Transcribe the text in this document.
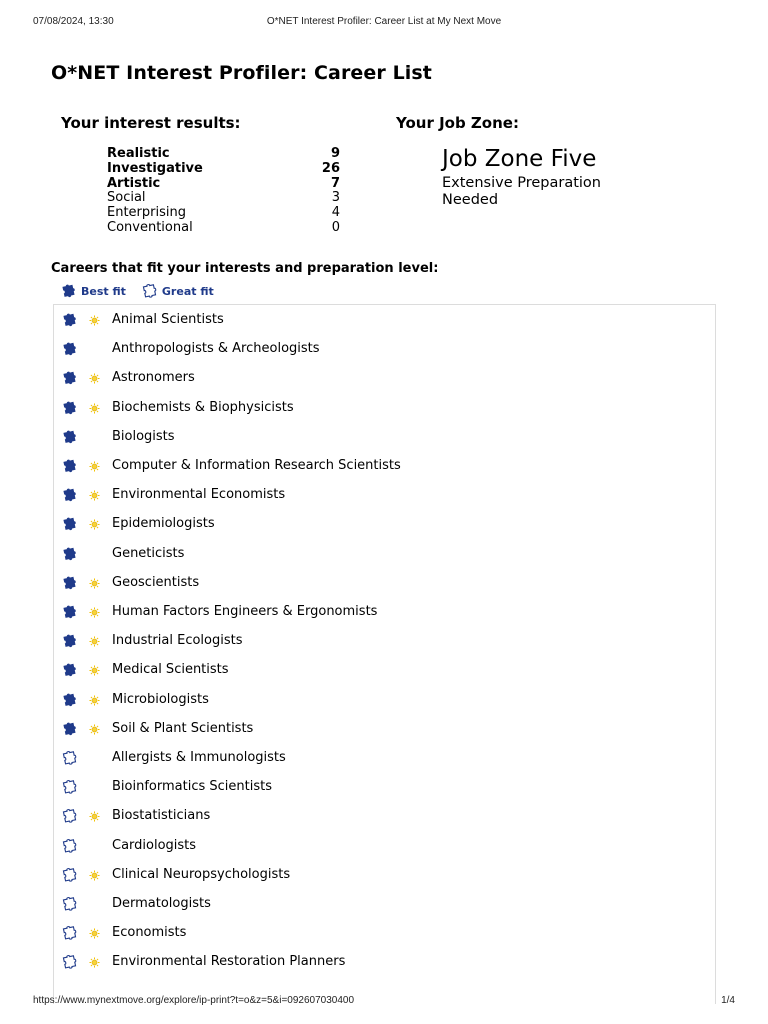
07/08/2024, 13:30	O*NET Interest Profiler: Career List at My Next Move
O*NET Interest Profiler: Career List
Your interest results:	Your Job Zone:
Realistic	9
Investigative	26
Artistic	7
Social	3
Enterprising	4
Conventional	0
Job Zone Five
Extensive Preparation Needed
Careers that fit your interests and preparation level:
Best fit	Great fit
Animal Scientists
Anthropologists & Archeologists
Astronomers
Biochemists & Biophysicists
Biologists
Computer & Information Research Scientists
Environmental Economists
Epidemiologists
Geneticists
Geoscientists
Human Factors Engineers & Ergonomists
Industrial Ecologists
Medical Scientists
Microbiologists
Soil & Plant Scientists
Allergists & Immunologists
Bioinformatics Scientists
Biostatisticians
Cardiologists
Clinical Neuropsychologists
Dermatologists
Economists
Environmental Restoration Planners
https://www.mynextmove.org/explore/ip-print?t=o&z=5&i=092607030400	1/4
